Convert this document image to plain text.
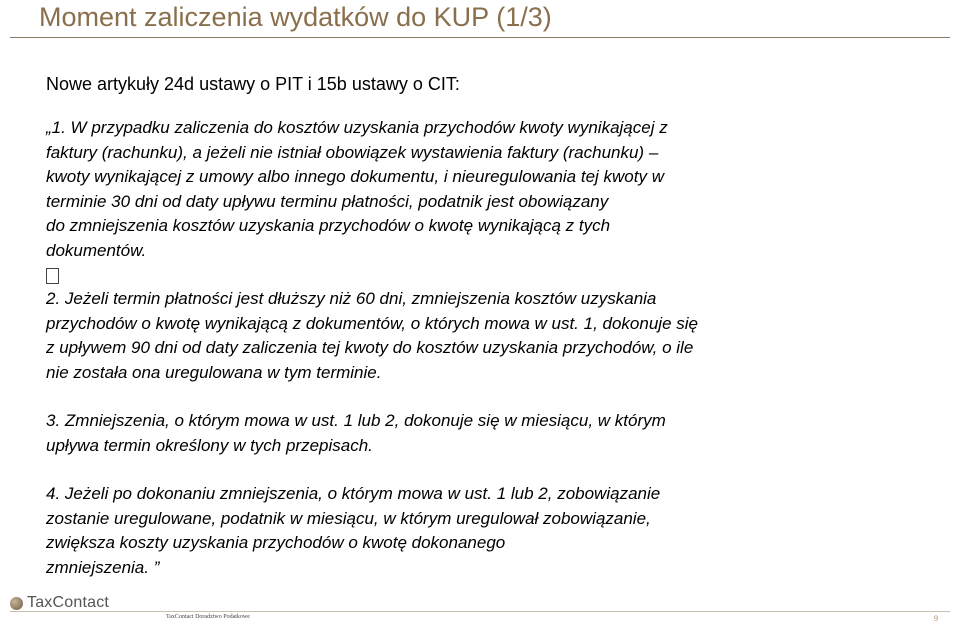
Moment zaliczenia wydatków do KUP (1/3)
Nowe artykuły 24d ustawy o PIT i 15b ustawy o CIT:
„1. W przypadku zaliczenia do kosztów uzyskania przychodów kwoty wynikającej z
faktury (rachunku), a jeżeli nie istniał obowiązek wystawienia faktury (rachunku) –
kwoty wynikającej z umowy albo innego dokumentu, i nieuregulowania tej kwoty w
terminie 30 dni od daty upływu terminu płatności, podatnik jest obowiązany
do zmniejszenia kosztów uzyskania przychodów o kwotę wynikającą z tych
dokumentów.
2. Jeżeli termin płatności jest dłuższy niż 60 dni, zmniejszenia kosztów uzyskania
przychodów o kwotę wynikającą z dokumentów, o których mowa w ust. 1, dokonuje się
z upływem 90 dni od daty zaliczenia tej kwoty do kosztów uzyskania przychodów, o ile
nie została ona uregulowana w tym terminie.
3. Zmniejszenia, o którym mowa w ust. 1 lub 2, dokonuje się w miesiącu, w którym
upływa termin określony w tych przepisach.
4. Jeżeli po dokonaniu zmniejszenia, o którym mowa w ust. 1 lub 2, zobowiązanie
zostanie uregulowane, podatnik w miesiącu, w którym uregulował zobowiązanie,
zwiększa koszty uzyskania przychodów o kwotę dokonanego
zmniejszenia. ”
TaxContact
TaxContact Doradztwo Podatkowe	9
